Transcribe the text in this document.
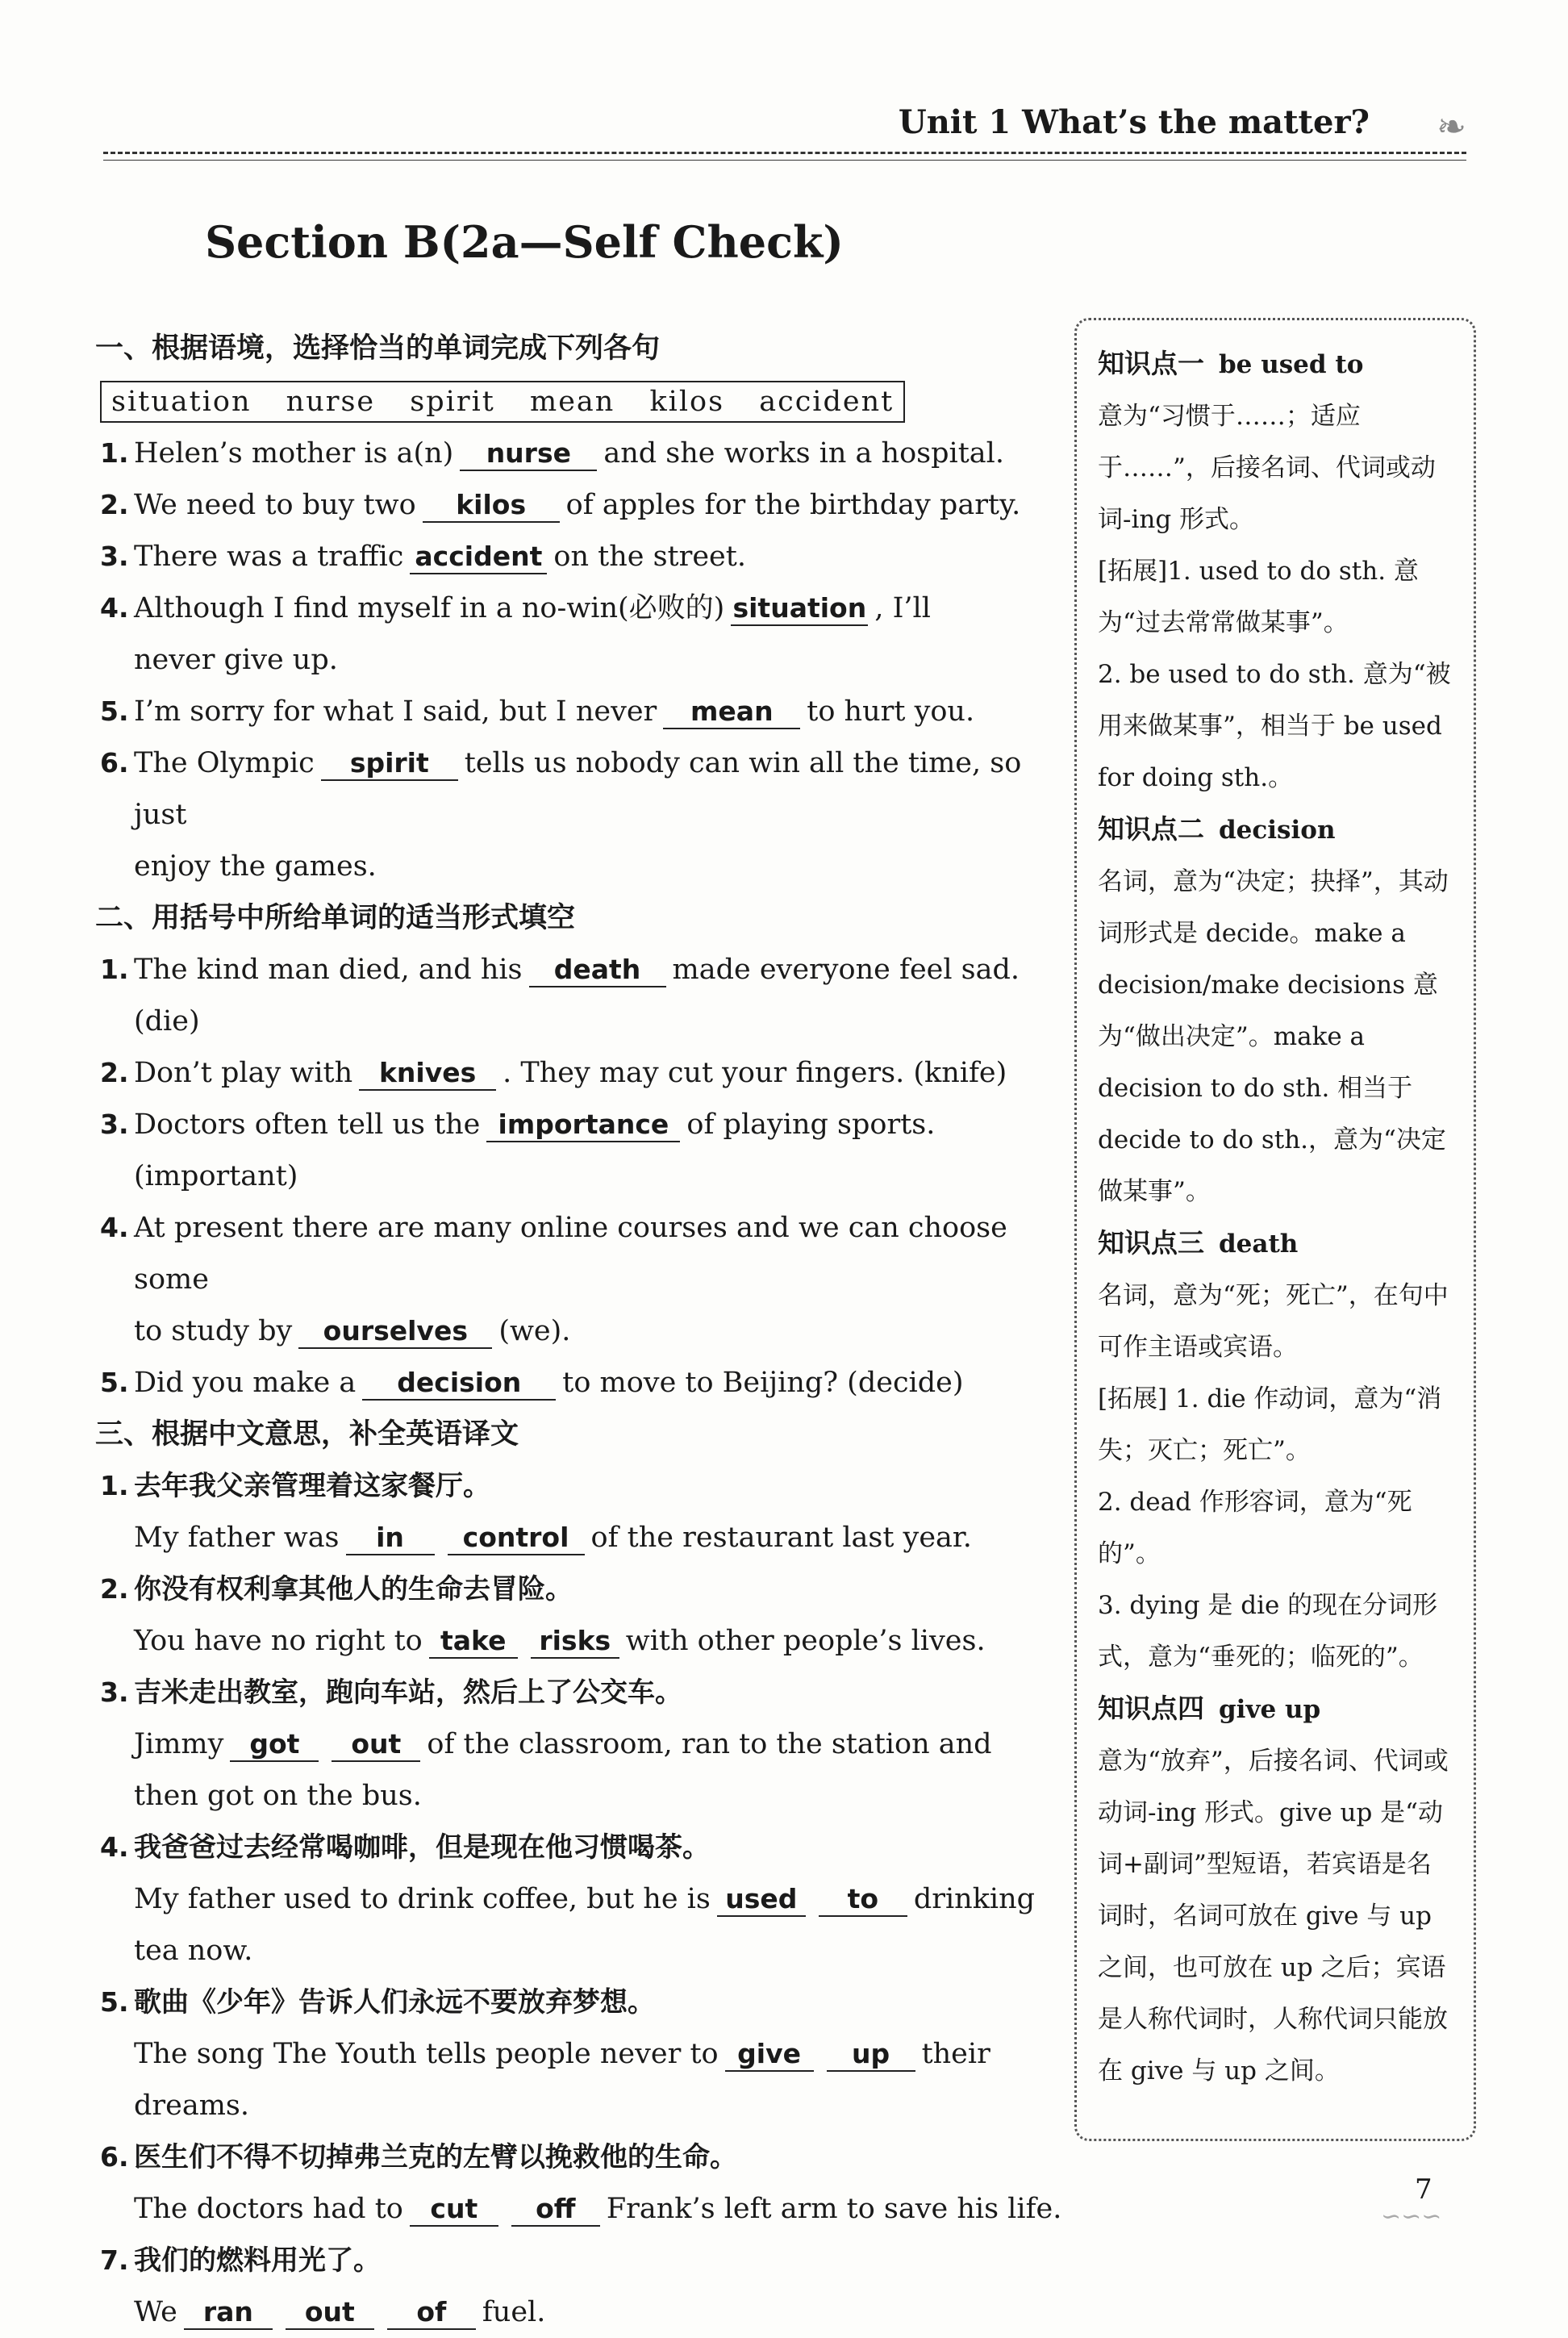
Unit 1 What’s the matter? ❧
Section B(2a—Self Check)
一、根据语境，选择恰当的单词完成下列各句
situation nurse spirit mean kilos accident
1. Helen’s mother is a(n) nurse and she works in a hospital.
2. We need to buy two kilos of apples for the birthday party.
3. There was a traffic accident on the street.
4. Although I find myself in a no-win(必败的) situation , I’ll
never give up.
5. I’m sorry for what I said, but I never mean to hurt you.
6. The Olympic spirit tells us nobody can win all the time, so just
enjoy the games.
二、用括号中所给单词的适当形式填空
1. The kind man died, and his death made everyone feel sad. (die)
2. Don’t play with knives . They may cut your fingers. (knife)
3. Doctors often tell us the importance of playing sports. (important)
4. At present there are many online courses and we can choose some
to study by ourselves (we).
5. Did you make a decision to move to Beijing? (decide)
三、根据中文意思，补全英语译文
1. 去年我父亲管理着这家餐厅。
My father was in control of the restaurant last year.
2. 你没有权利拿其他人的生命去冒险。
You have no right to take risks with other people’s lives.
3. 吉米走出教室，跑向车站，然后上了公交车。
Jimmy got out of the classroom, ran to the station and
then got on the bus.
4. 我爸爸过去经常喝咖啡，但是现在他习惯喝茶。
My father used to drink coffee, but he is used to drinking
tea now.
5. 歌曲《少年》告诉人们永远不要放弃梦想。
The song The Youth tells people never to give up their
dreams.
6. 医生们不得不切掉弗兰克的左臂以挽救他的生命。
The doctors had to cut off Frank’s left arm to save his life.
7. 我们的燃料用光了。
We ran out of fuel.

知识点一 be used to

意为“习惯于……；适应于……”，后接名词、代词或动词-ing 形式。

[拓展]1. used to do sth. 意为“过去常常做某事”。

2. be used to do sth. 意为“被用来做某事”，相当于 be used for doing sth.。

知识点二 decision

名词，意为“决定；抉择”，其动词形式是 decide。make a decision/make decisions 意为“做出决定”。make a decision to do sth. 相当于 decide to do sth.，意为“决定做某事”。

知识点三 death

名词，意为“死；死亡”，在句中可作主语或宾语。

[拓展] 1. die 作动词，意为“消失；灭亡；死亡”。

2. dead 作形容词，意为“死的”。

3. dying 是 die 的现在分词形式，意为“垂死的；临死的”。

知识点四 give up

意为“放弃”，后接名词、代词或动词-ing 形式。give up 是“动词+副词”型短语，若宾语是名词时，名词可放在 give 与 up 之间，也可放在 up 之后；宾语是人称代词时，人称代词只能放在 give 与 up 之间。

7
∽∽∽
